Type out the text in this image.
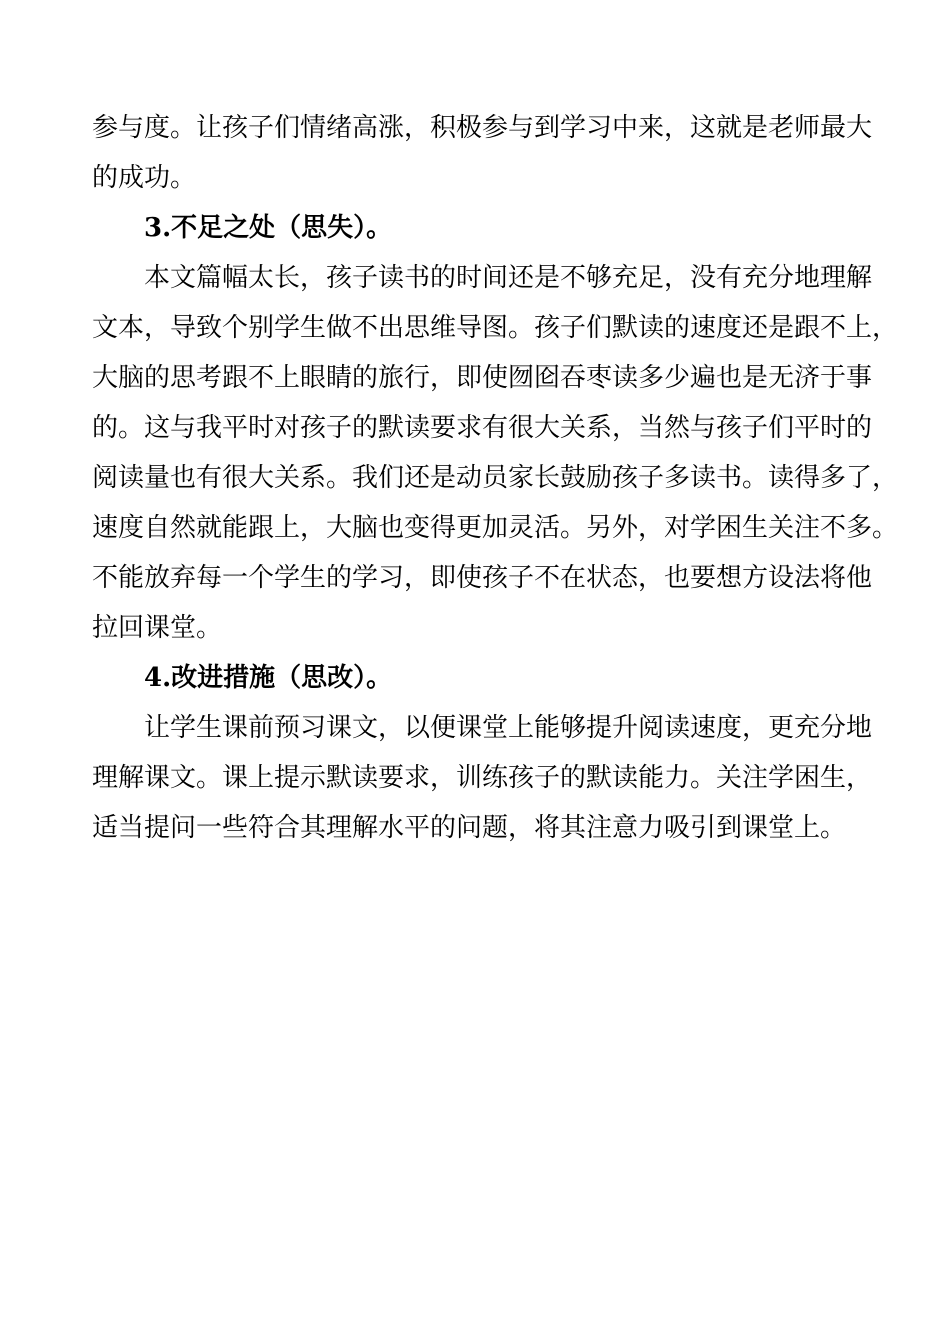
参与度。让孩子们情绪高涨，积极参与到学习中来，这就是老师最大
的成功。
3.不足之处（思失）。
本文篇幅太长，孩子读书的时间还是不够充足，没有充分地理解
文本，导致个别学生做不出思维导图。孩子们默读的速度还是跟不上，
大脑的思考跟不上眼睛的旅行，即使囫囵吞枣读多少遍也是无济于事
的。这与我平时对孩子的默读要求有很大关系，当然与孩子们平时的
阅读量也有很大关系。我们还是动员家长鼓励孩子多读书。读得多了，
速度自然就能跟上，大脑也变得更加灵活。另外，对学困生关注不多。
不能放弃每一个学生的学习，即使孩子不在状态，也要想方设法将他
拉回课堂。
4.改进措施（思改）。
让学生课前预习课文，以便课堂上能够提升阅读速度，更充分地
理解课文。课上提示默读要求，训练孩子的默读能力。关注学困生，
适当提问一些符合其理解水平的问题，将其注意力吸引到课堂上。
